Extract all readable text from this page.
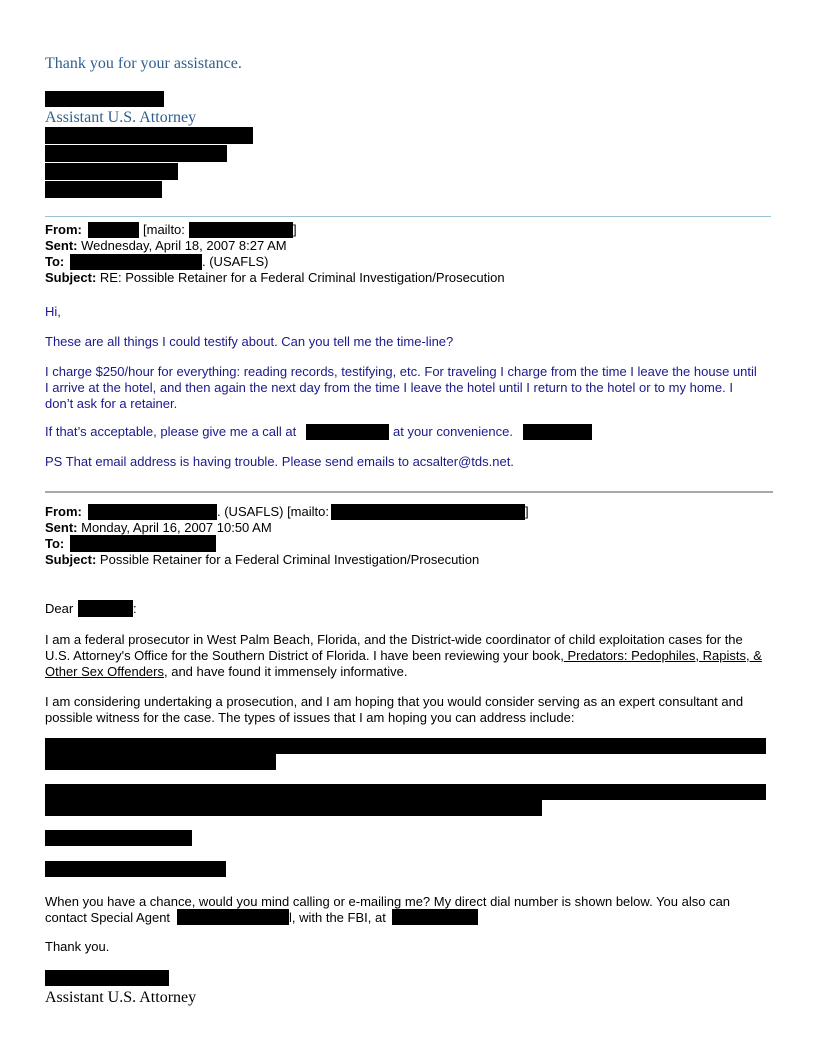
Thank you for your assistance.
Assistant U.S. Attorney
From:	[mailto:	]
Sent: Wednesday, April 18, 2007 8:27 AM
To:	. (USAFLS)
Subject: RE: Possible Retainer for a Federal Criminal Investigation/Prosecution
Hi,
These are all things I could testify about. Can you tell me the time-line?
I charge $250/hour for everything: reading records, testifying, etc. For traveling I charge from the time I leave the house until I arrive at the hotel, and then again the next day from the time I leave the hotel until I return to the hotel or to my home. I don’t ask for a retainer.
If that’s acceptable, please give me a call at	at your convenience.
PS That email address is having trouble. Please send emails to acsalter@tds.net.
From:	. (USAFLS) [mailto:	]
Sent: Monday, April 16, 2007 10:50 AM
To:
Subject: Possible Retainer for a Federal Criminal Investigation/Prosecution
Dear	:
I am a federal prosecutor in West Palm Beach, Florida, and the District-wide coordinator of child exploitation cases for the U.S. Attorney's Office for the Southern District of Florida. I have been reviewing your book, Predators: Pedophiles, Rapists, & Other Sex Offenders, and have found it immensely informative.
I am considering undertaking a prosecution, and I am hoping that you would consider serving as an expert consultant and possible witness for the case. The types of issues that I am hoping you can address include:
When you have a chance, would you mind calling or e-mailing me? My direct dial number is shown below. You also can contact Special Agent	l, with the FBI, at
Thank you.
Assistant U.S. Attorney
